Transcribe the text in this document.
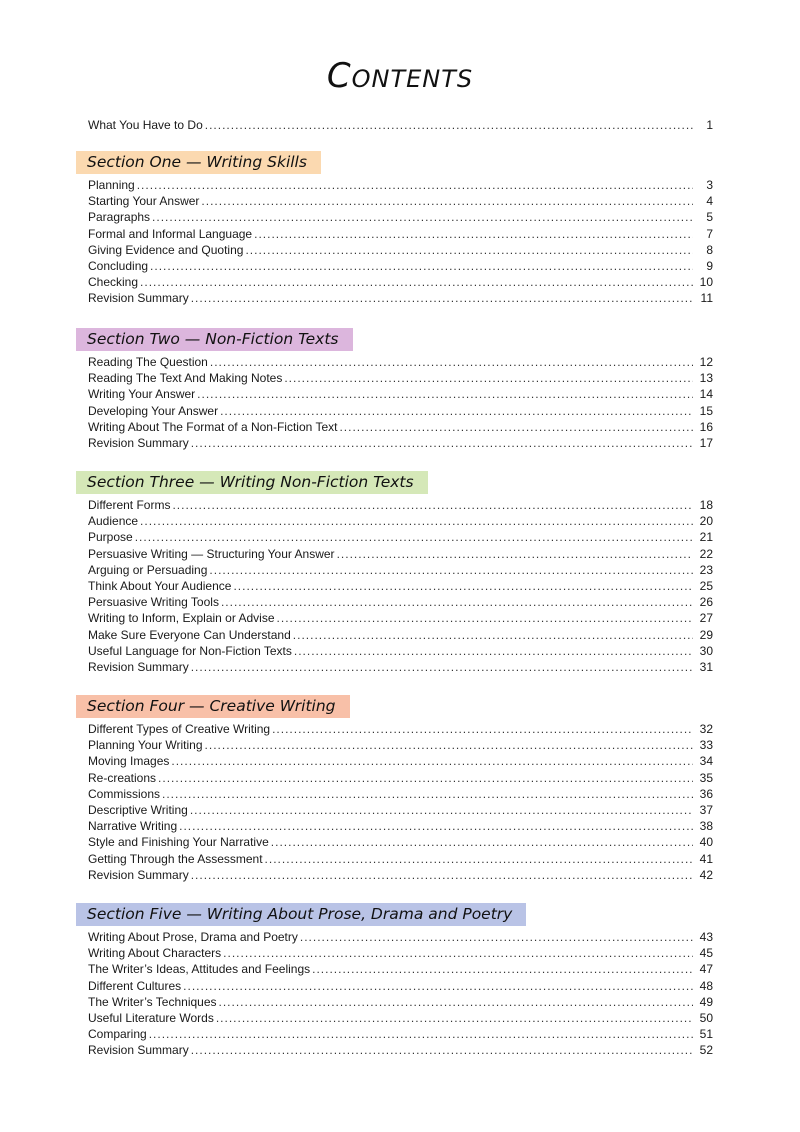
Contents
What You Have to Do .....	1
Section One — Writing Skills
Planning .....	3
Starting Your Answer .....	4
Paragraphs .....	5
Formal and Informal Language .....	7
Giving Evidence and Quoting .....	8
Concluding .....	9
Checking .....	10
Revision Summary .....	11
Section Two — Non-Fiction Texts
Reading The Question .....	12
Reading The Text And Making Notes .....	13
Writing Your Answer .....	14
Developing Your Answer .....	15
Writing About The Format of a Non-Fiction Text .....	16
Revision Summary .....	17
Section Three — Writing Non-Fiction Texts
Different Forms .....	18
Audience .....	20
Purpose .....	21
Persuasive Writing — Structuring Your Answer .....	22
Arguing or Persuading .....	23
Think About Your Audience .....	25
Persuasive Writing Tools .....	26
Writing to Inform, Explain or Advise .....	27
Make Sure Everyone Can Understand .....	29
Useful Language for Non-Fiction Texts .....	30
Revision Summary .....	31
Section Four — Creative Writing
Different Types of Creative Writing .....	32
Planning Your Writing .....	33
Moving Images .....	34
Re-creations .....	35
Commissions .....	36
Descriptive Writing .....	37
Narrative Writing .....	38
Style and Finishing Your Narrative .....	40
Getting Through the Assessment .....	41
Revision Summary .....	42
Section Five — Writing About Prose, Drama and Poetry
Writing About Prose, Drama and Poetry .....	43
Writing About Characters .....	45
The Writer’s Ideas, Attitudes and Feelings .....	47
Different Cultures .....	48
The Writer’s Techniques .....	49
Useful Literature Words .....	50
Comparing .....	51
Revision Summary .....	52
